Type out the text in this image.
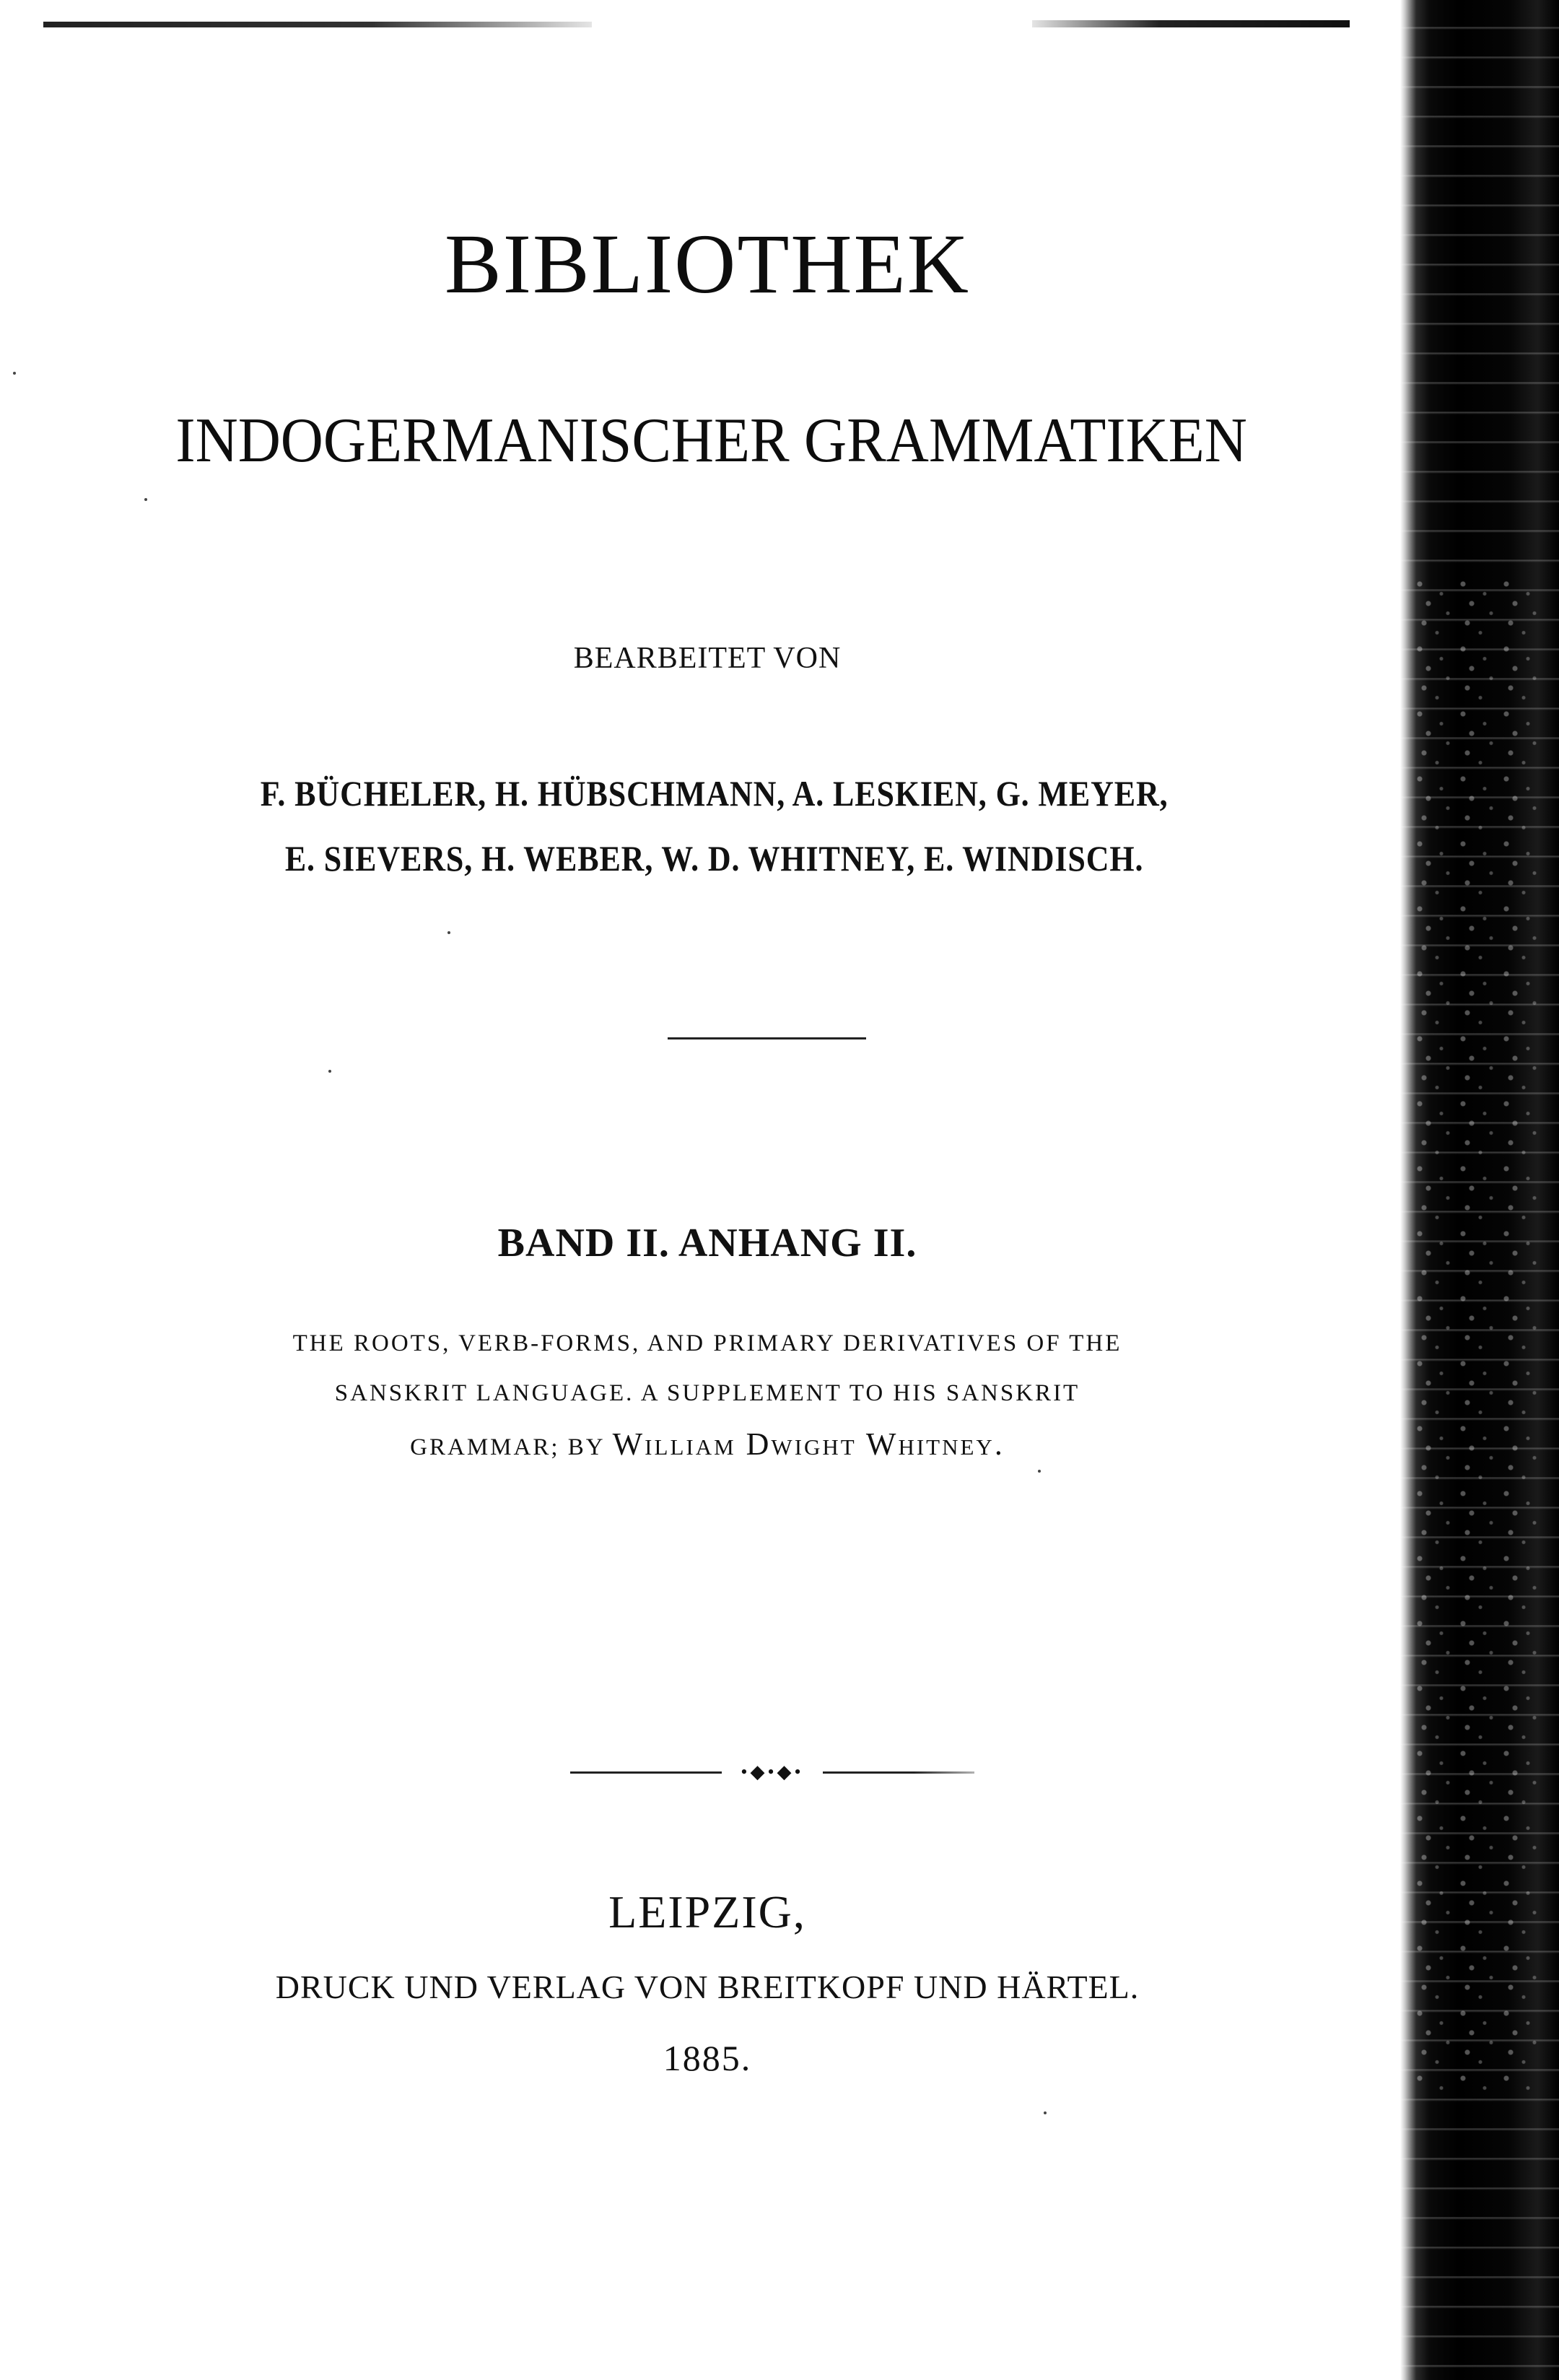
BIBLIOTHEK
INDOGERMANISCHER GRAMMATIKEN
BEARBEITET VON
F. BÜCHELER, H. HÜBSCHMANN, A. LESKIEN, G. MEYER,
E. SIEVERS, H. WEBER, W. D. WHITNEY, E. WINDISCH.
BAND II. ANHANG II.
THE ROOTS, VERB-FORMS, AND PRIMARY DERIVATIVES OF THE
SANSKRIT LANGUAGE. A SUPPLEMENT TO HIS SANSKRIT
GRAMMAR; BY William Dwight Whitney.
•◆•◆•
LEIPZIG,
DRUCK UND VERLAG VON BREITKOPF UND HÄRTEL.
1885.
